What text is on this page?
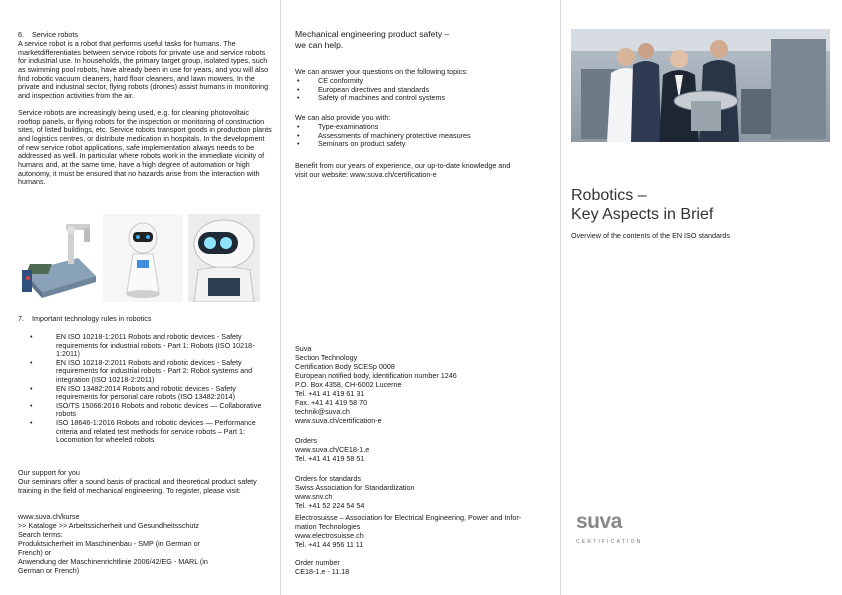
6.    Service robots

A service robot is a robot that performs useful tasks for humans. The marketdifferentiates between service robots for private use and service robots for industrial use. In households, the primary target group, isolated types, such as swimming pool robots, have already been in use for years, and you will also find robotic vacuum cleaners, hard floor cleaners, and lawn mowers. In the private and industrial sector, flying robots (drones) assist humans in monitoring and inspection activities from the air.

Service robots are increasingly being used, e.g. for cleaning photovoltaic rooftop panels, or flying robots for the inspection or monitoring of construction sites, of listed buildings, etc. Service robots transport goods in production plants and logistics centres, or distribute medication in hospitals. In the development of new service robot applications, safe implementation always needs to be addressed as well. In particular where robots work in the immediate vicinity of humans and, at the same time, have a high degree of automation or high autonomy, it must be ensured that no hazards arise from the interaction with humans.

7.    Important technology rules in robotics
• EN ISO 10218-1:2011 Robots and robotic devices - Safety requirements for industrial robots - Part 1: Robots (ISO 10218-1:2011)
• EN ISO 10218-2:2011 Robots and robotic devices - Safety requirements for industrial robots - Part 2: Robot systems and integration (ISO 10218-2:2011)
• EN ISO 13482:2014 Robots and robotic devices - Safety requirements for personal care robots (ISO 13482:2014)
• ISO/TS 15066:2016 Robots and robotic devices — Collaborative robots
• ISO 18646-1:2016 Robots and robotic devices — Performance criteria and related test methods for service robots – Part 1: Locomotion for wheeled robots
Our support for you

Our seminars offer a sound basis of practical and theoretical product safety training in the field of mechanical engineering. To register, please visit:

www.suva.ch/kurse
>> Kataloge >> Arbeitssicherheit und Gesundheitsschutz
Search terms:
Produktsicherheit im Maschinenbau - SMP (in German or
French) or
Anwendung der Maschinenrichtlinie 2006/42/EG - MARL (in
German or French)
Mechanical engineering product safety –
we can help.
We can answer your questions on the following topics:
• CE conformity
• European directives and standards
• Safety of machines and control systems
We can also provide you with:
• Type-examinations
• Assessments of machinery protective measures
• Seminars on product safety
Benefit from our years of experience, our up-to-date knowledge and
visit our website: www.suva.ch/certification-e
Suva
Section Technology
Certification Body SCESp 0008
European notified body, identification number 1246
P.O. Box 4358, CH-6002 Lucerne
Tel. +41 41 419 61 31
Fax. +41 41 419 58 70
technik@suva.ch
www.suva.ch/certification-e
Orders
www.suva.ch/CE18-1.e
Tel. +41 41 419 58 51
Orders for standards
Swiss Association for Standardization
www.snv.ch
Tel. +41 52 224 54 54
Electrosuisse – Association for Electrical Engineering, Power and Infor-
mation Technologies
www.electrosuisse.ch
Tel. +41 44 956 11 11
Order number
CE18-1.e - 11.18
Robotics –
Key Aspects in Brief
Overview of the contents of the EN ISO standards
suva
CERTIFICATION
